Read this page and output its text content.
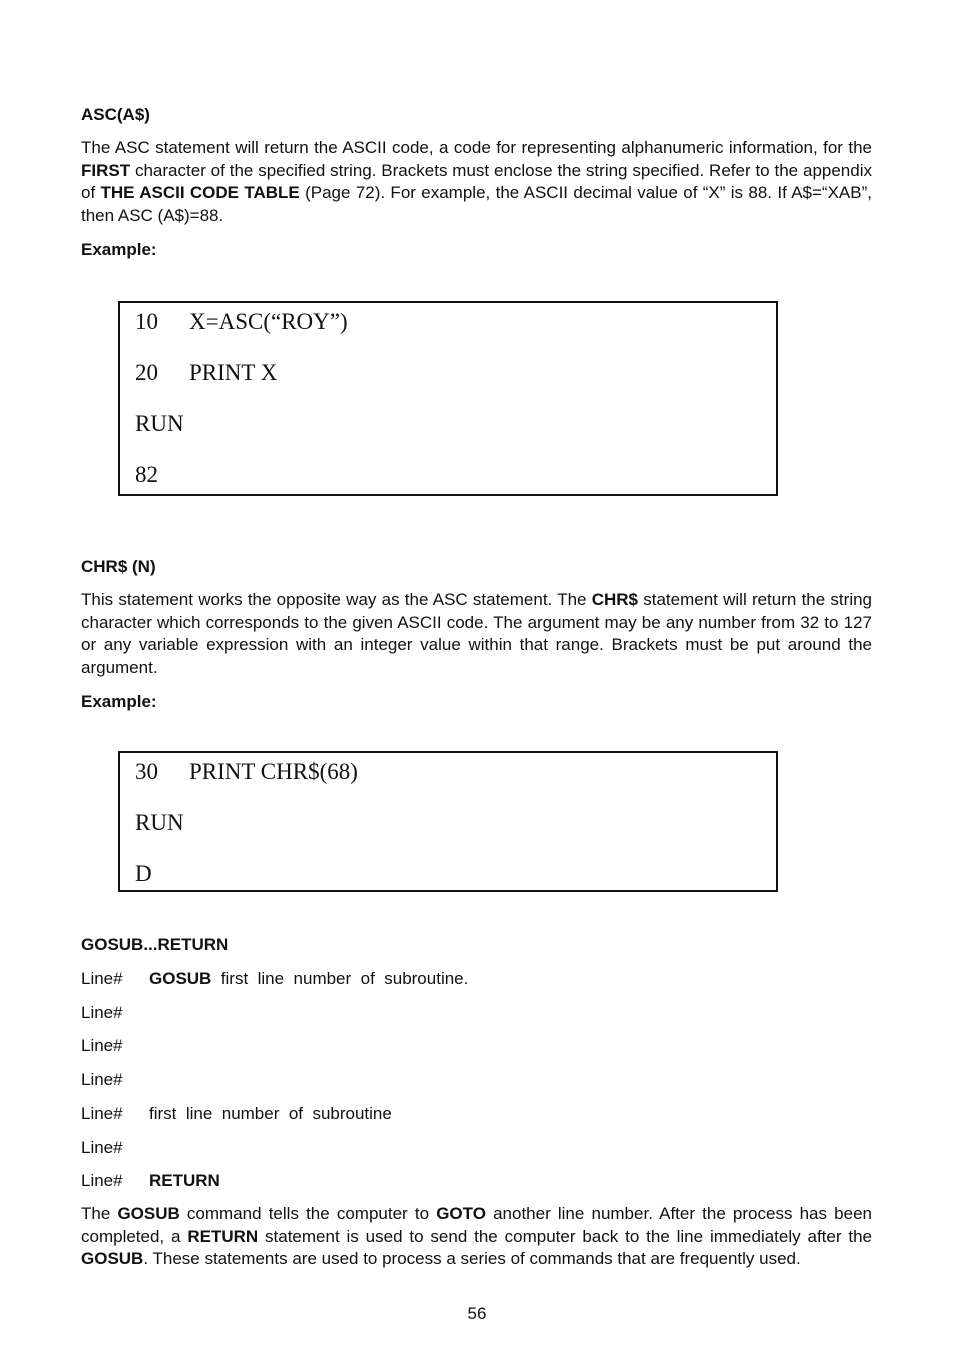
ASC(A$)
The ASC statement will return the ASCII code, a code for representing alphanumeric information, for the FIRST character of the specified string. Brackets must enclose the string specified. Refer to the appendix of THE ASCII CODE TABLE (Page 72). For example, the ASCII decimal value of “X” is 88. If A$=“XAB”, then ASC (A$)=88.
Example:
10 X=ASC(“ROY”)
20 PRINT X
RUN
82
CHR$ (N)
This statement works the opposite way as the ASC statement. The CHR$ statement will return the string character which corresponds to the given ASCII code. The argument may be any number from 32 to 127 or any variable expression with an integer value within that range. Brackets must be put around the argument.
Example:
30 PRINT CHR$(68)
RUN
D
GOSUB...RETURN
Line# GOSUB  first  line  number  of  subroutine.
Line#
Line#
Line#
Line# first  line  number  of  subroutine
Line#
Line# RETURN
The GOSUB command tells the computer to GOTO another line number. After the process has been completed, a RETURN statement is used to send the computer back to the line immediately after the GOSUB. These statements are used to process a series of commands that are frequently used.
56
